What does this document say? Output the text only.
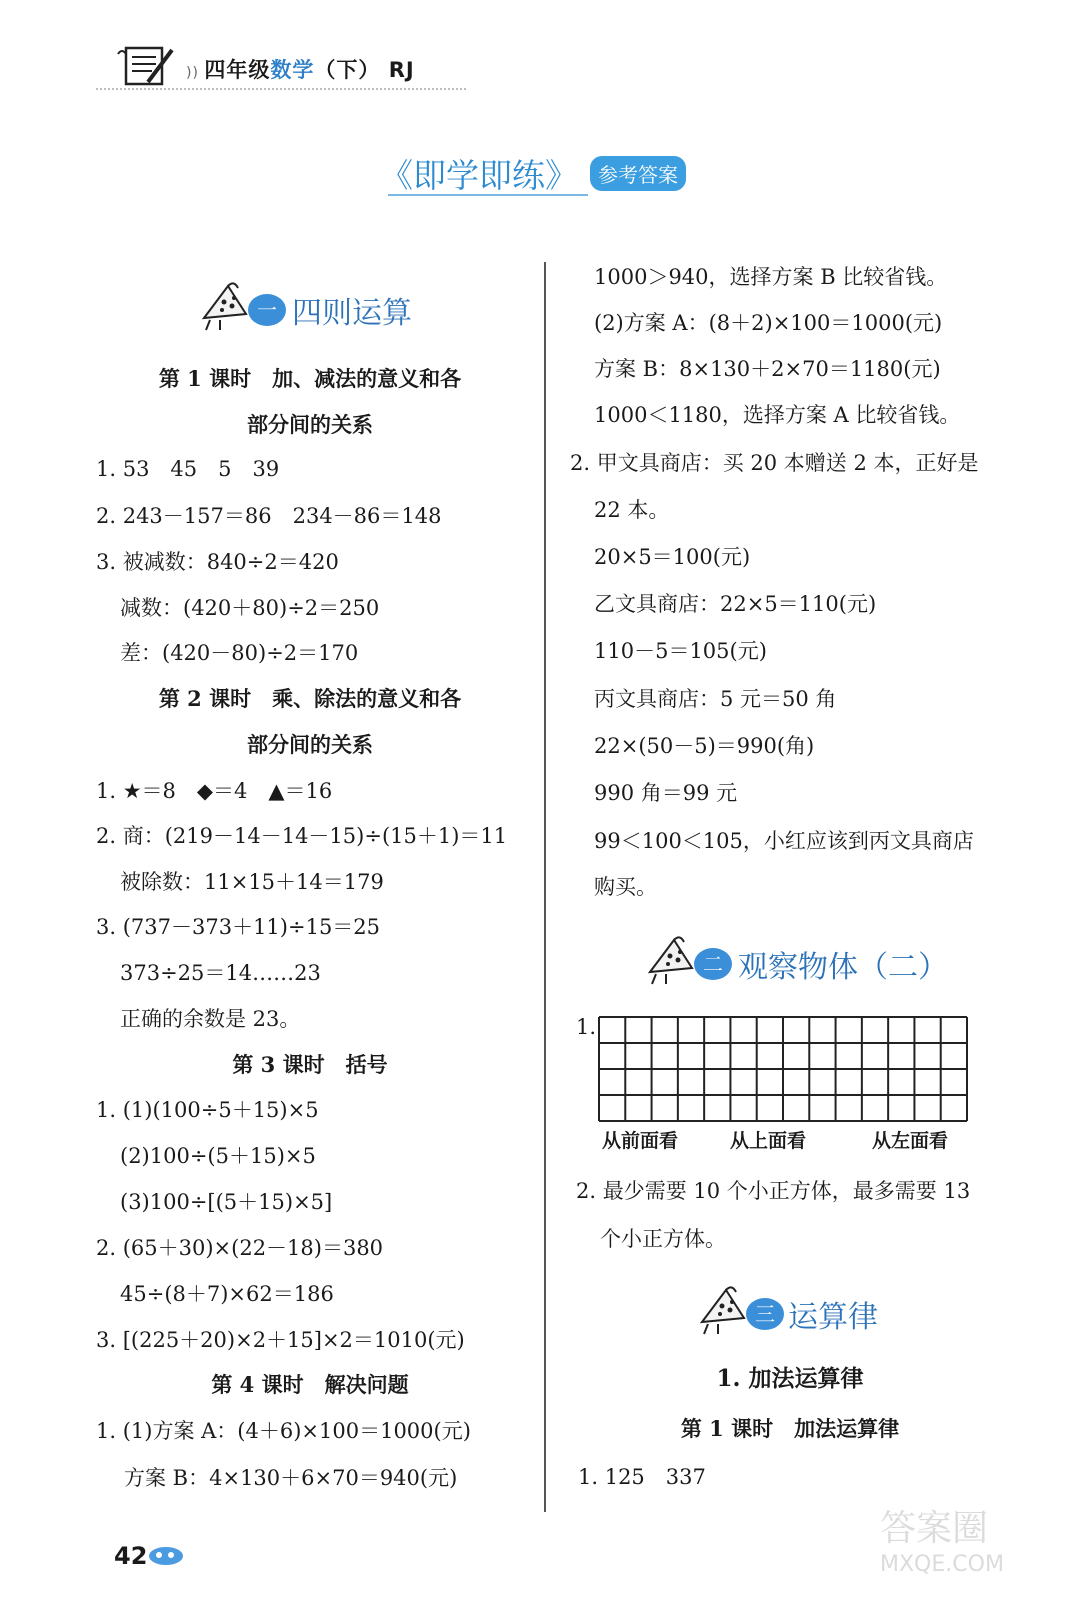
)) 四年级数学（下） RJ
《即学即练》	参考答案
一 四则运算
第 1 课时　加、减法的意义和各
部分间的关系
1. 53　45　5　39
2. 243－157＝86　234－86＝148
3. 被减数：840÷2＝420
减数：(420＋80)÷2＝250
差：(420－80)÷2＝170
第 2 课时　乘、除法的意义和各
部分间的关系
1. ★＝8　◆＝4　▲＝16
2. 商：(219－14－14－15)÷(15＋1)＝11
被除数：11×15＋14＝179
3. (737－373＋11)÷15＝25
373÷25＝14……23
正确的余数是 23。
第 3 课时　括号
1. (1)(100÷5＋15)×5
(2)100÷(5＋15)×5
(3)100÷[(5＋15)×5]
2. (65＋30)×(22－18)＝380
45÷(8＋7)×62＝186
3. [(225＋20)×2＋15]×2＝1010(元)
第 4 课时　解决问题
1. (1)方案 A：(4＋6)×100＝1000(元)
方案 B：4×130＋6×70＝940(元)
1000＞940，选择方案 B 比较省钱。
(2)方案 A：(8＋2)×100＝1000(元)
方案 B：8×130＋2×70＝1180(元)
1000＜1180，选择方案 A 比较省钱。
2. 甲文具商店：买 20 本赠送 2 本，正好是
22 本。
20×5＝100(元)
乙文具商店：22×5＝110(元)
110－5＝105(元)
丙文具商店：5 元＝50 角
22×(50－5)＝990(角)
990 角＝99 元
99＜100＜105，小红应该到丙文具商店
购买。
二 观察物体（二）
1.
从前面看	从上面看	从左面看
2. 最少需要 10 个小正方体，最多需要 13
个小正方体。
三 运算律
1. 加法运算律
第 1 课时　加法运算律
1. 125　337
42
答案圈
MXQE.COM
